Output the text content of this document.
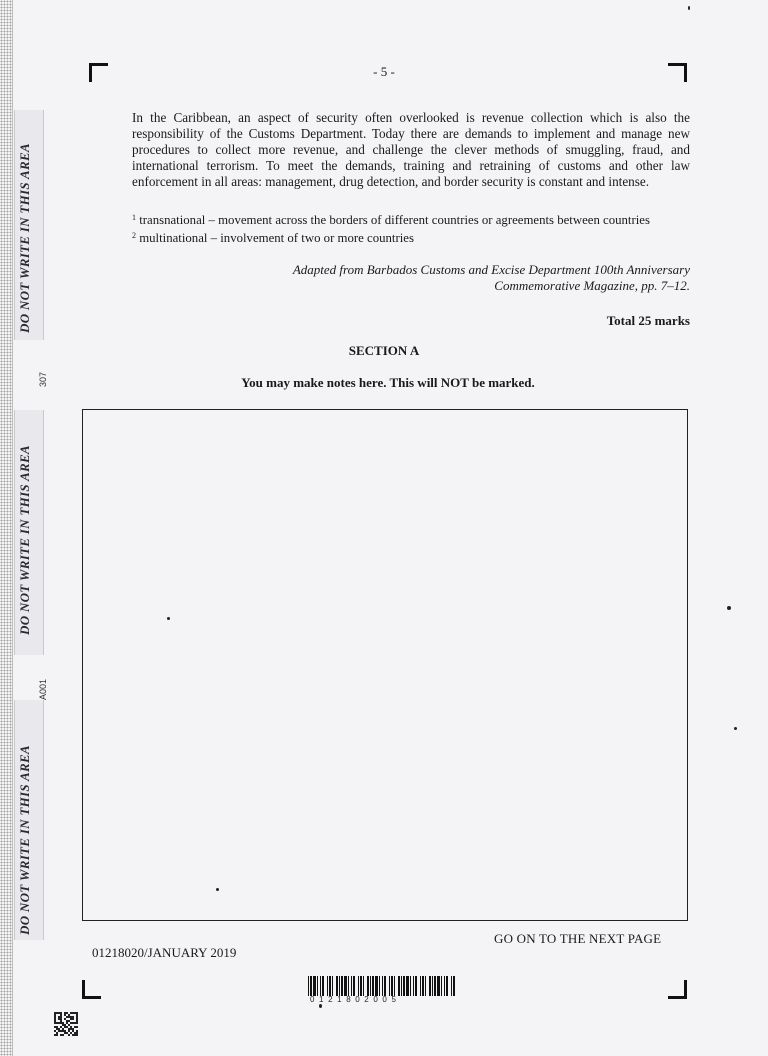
DO NOT WRITE IN THIS AREA
DO NOT WRITE IN THIS AREA
DO NOT WRITE IN THIS AREA
307
A001
- 5 -

In the Caribbean, an aspect of security often overlooked is revenue collection which is also the responsibility of the Customs Department. Today there are demands to implement and manage new procedures to collect more revenue, and challenge the clever methods of smuggling, fraud, and international terrorism. To meet the demands, training and retraining of customs and other law enforcement in all areas: management, drug detection, and border security is constant and intense.

$^1$ transnational – movement across the borders of different countries or agreements between countries
$^2$ multinational – involvement of two or more countries
Adapted from Barbados Customs and Excise Department 100th Anniversary
Commemorative Magazine, pp. 7–12.
Total 25 marks
SECTION A
You may make notes here. This will NOT be marked.
GO ON TO THE NEXT PAGE
01218020/JANUARY 2019
0121802005
